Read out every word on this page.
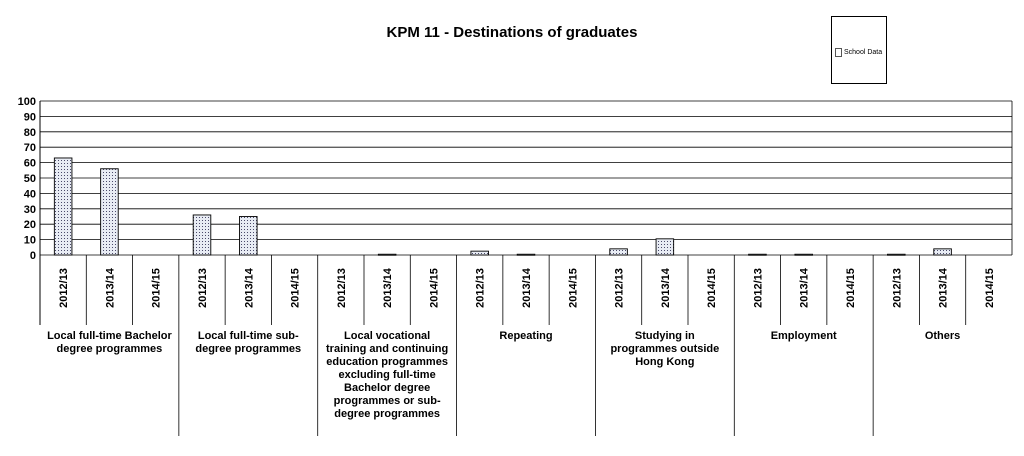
KPM 11 - Destinations of graduates
School Data
0
10
20
30
40
50
60
70
80
90
100
2012/13	2013/14	2014/15	2012/13	2013/14	2014/15	2012/13	2013/14	2014/15	2012/13	2013/14	2014/15	2012/13	2013/14	2014/15	2012/13	2013/14	2014/15	2012/13	2013/14	2014/15
Local full-time Bachelor degree programmes
Local full-time sub-degree programmes
Local vocational training and continuing education programmes excluding full-time Bachelor degree programmes or sub-degree programmes
Repeating	Studying in programmes outside Hong Kong
Employment	Others
